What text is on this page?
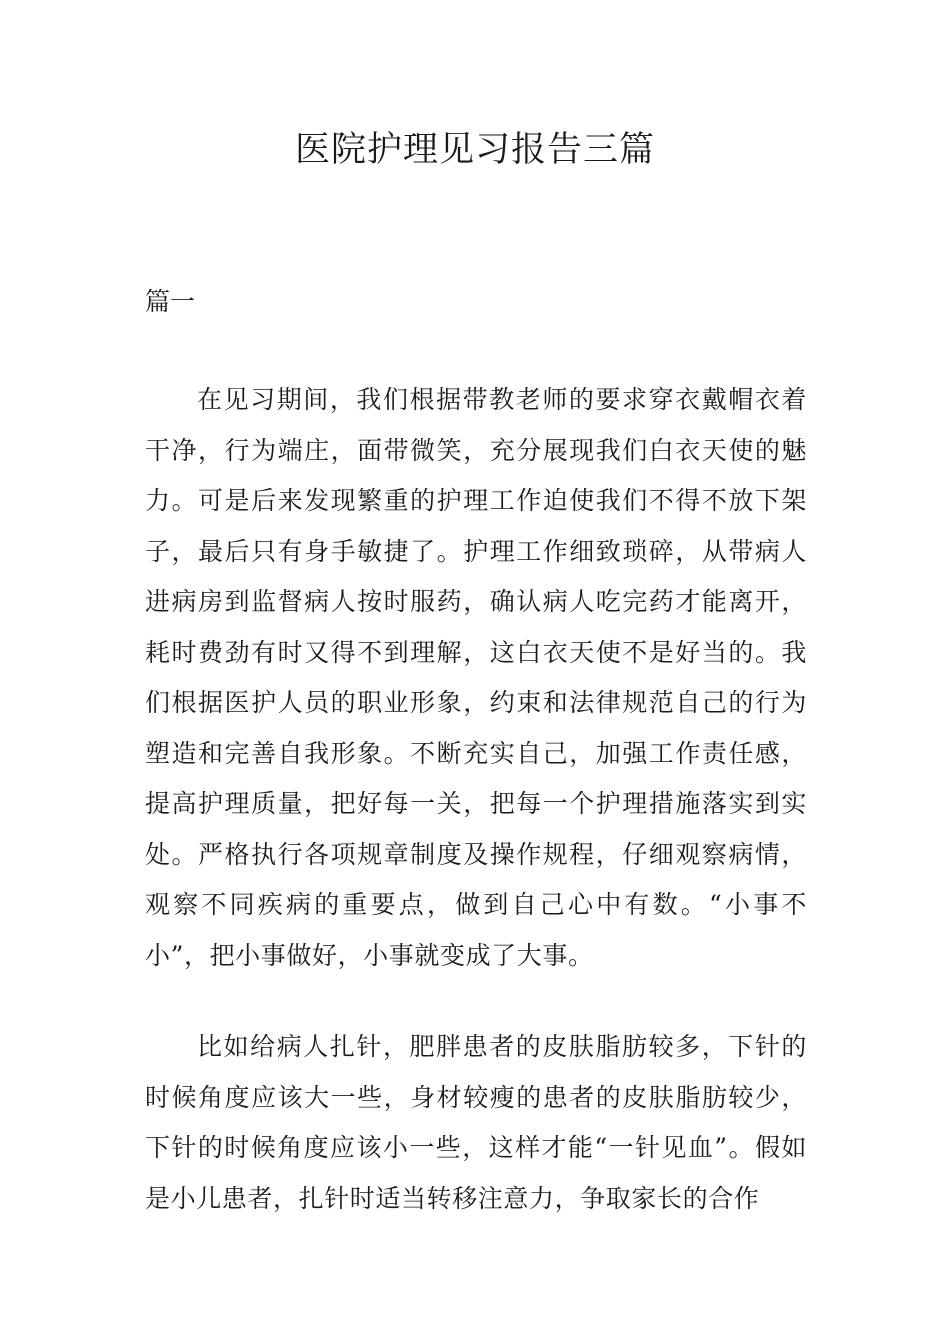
医院护理见习报告三篇

篇一

在见习期间，我们根据带教老师的要求穿衣戴帽衣着干净，行为端庄，面带微笑，充分展现我们白衣天使的魅力。可是后来发现繁重的护理工作迫使我们不得不放下架子，最后只有身手敏捷了。护理工作细致琐碎，从带病人进病房到监督病人按时服药，确认病人吃完药才能离开，耗时费劲有时又得不到理解，这白衣天使不是好当的。我们根据医护人员的职业形象，约束和法律规范自己的行为塑造和完善自我形象。不断充实自己，加强工作责任感，提高护理质量，把好每一关，把每一个护理措施落实到实处。严格执行各项规章制度及操作规程，仔细观察病情，观察不同疾病的重要点，做到自己心中有数。“小事不小”，把小事做好，小事就变成了大事。

比如给病人扎针，肥胖患者的皮肤脂肪较多，下针的时候角度应该大一些，身材较瘦的患者的皮肤脂肪较少，下针的时候角度应该小一些，这样才能“一针见血”。假如是小儿患者，扎针时适当转移注意力，争取家长的合作
